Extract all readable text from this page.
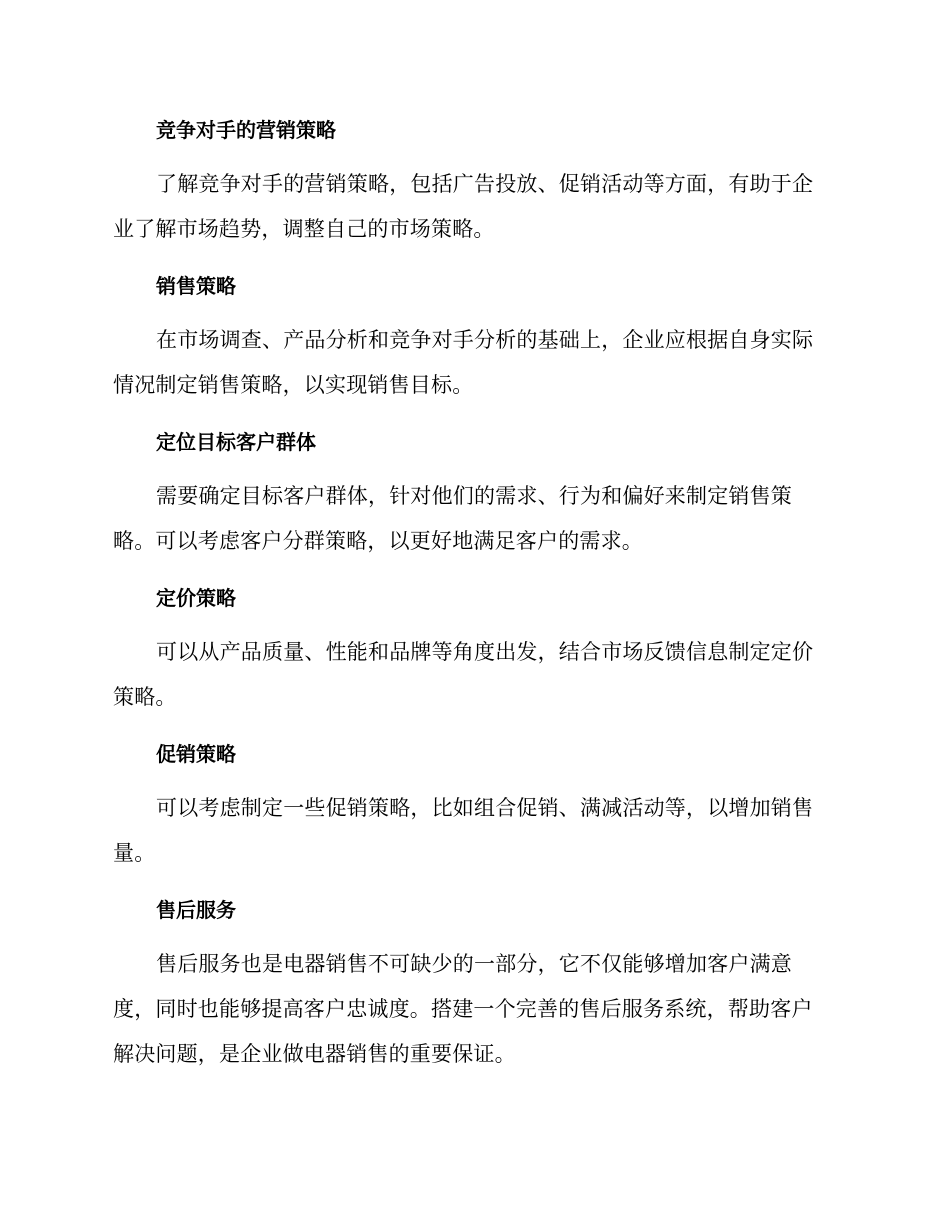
竞争对手的营销策略

了解竞争对手的营销策略，包括广告投放、促销活动等方面，有助于企业了解市场趋势，调整自己的市场策略。

销售策略

在市场调查、产品分析和竞争对手分析的基础上，企业应根据自身实际情况制定销售策略，以实现销售目标。

定位目标客户群体

需要确定目标客户群体，针对他们的需求、行为和偏好来制定销售策略。可以考虑客户分群策略，以更好地满足客户的需求。

定价策略

可以从产品质量、性能和品牌等角度出发，结合市场反馈信息制定定价策略。

促销策略

可以考虑制定一些促销策略，比如组合促销、满减活动等，以增加销售量。

售后服务

售后服务也是电器销售不可缺少的一部分，它不仅能够增加客户满意度，同时也能够提高客户忠诚度。搭建一个完善的售后服务系统，帮助客户解决问题，是企业做电器销售的重要保证。
